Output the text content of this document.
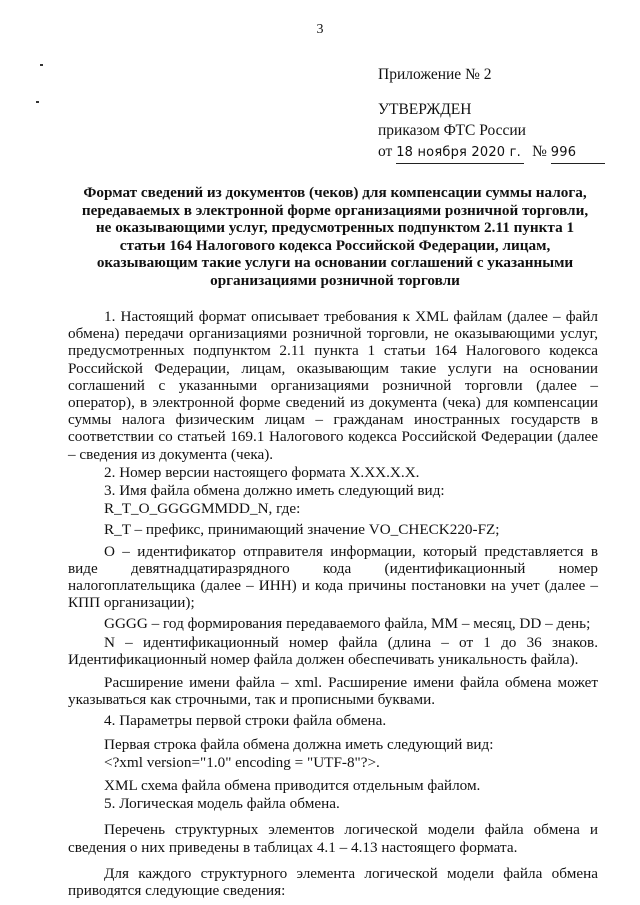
3
Приложение № 2
УТВЕРЖДЕН
приказом ФТС России
от 18 ноября 2020 г. № 996
Формат сведений из документов (чеков) для компенсации суммы налога, передаваемых в электронной форме организациями розничной торговли, не оказывающими услуг, предусмотренных подпунктом 2.11 пункта 1 статьи 164 Налогового кодекса Российской Федерации, лицам, оказывающим такие услуги на основании соглашений с указанными организациями розничной торговли

1. Настоящий формат описывает требования к XML файлам (далее – файл обмена) передачи организациями розничной торговли, не оказывающими услуг, предусмотренных подпунктом 2.11 пункта 1 статьи 164 Налогового кодекса Российской Федерации, лицам, оказывающим такие услуги на основании соглашений с указанными организациями розничной торговли (далее – оператор), в электронной форме сведений из документа (чека) для компенсации суммы налога физическим лицам – гражданам иностранных государств в соответствии со статьей 169.1 Налогового кодекса Российской Федерации (далее – сведения из документа (чека).

2. Номер версии настоящего формата X.XX.X.X.

3. Имя файла обмена должно иметь следующий вид:

R_T_O_GGGGMMDD_N, где:

R_T – префикс, принимающий значение VO_CHECK220-FZ;

O – идентификатор отправителя информации, который представляется в виде девятнадцатиразрядного кода (идентификационный номер налогоплательщика (далее – ИНН) и кода причины постановки на учет (далее – КПП организации);

GGGG – год формирования передаваемого файла, MM – месяц, DD – день;

N – идентификационный номер файла (длина – от 1 до 36 знаков. Идентификационный номер файла должен обеспечивать уникальность файла).

Расширение имени файла – xml. Расширение имени файла обмена может указываться как строчными, так и прописными буквами.

4. Параметры первой строки файла обмена.

Первая строка файла обмена должна иметь следующий вид:

<?xml version="1.0" encoding = "UTF-8"?>.

XML схема файла обмена приводится отдельным файлом.

5. Логическая модель файла обмена.

Перечень структурных элементов логической модели файла обмена и сведения о них приведены в таблицах 4.1 – 4.13 настоящего формата.

Для каждого структурного элемента логической модели файла обмена приводятся следующие сведения:
